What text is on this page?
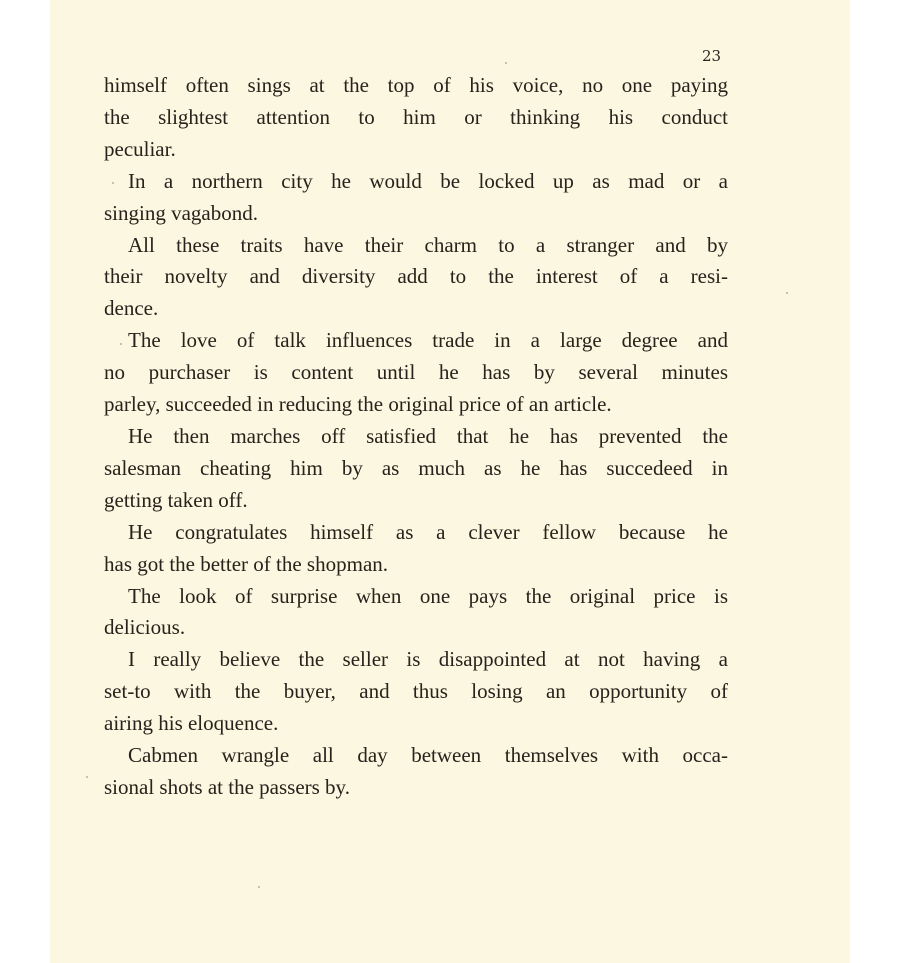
23
himself often sings at the top of his voice, no one paying
the slightest attention to him or thinking his conduct
peculiar.
In a northern city he would be locked up as mad or a
singing vagabond.
All these traits have their charm to a stranger and by
their novelty and diversity add to the interest of a resi-
dence.
The love of talk influences trade in a large degree and
no purchaser is content until he has by several minutes
parley, succeeded in reducing the original price of an article.
He then marches off satisfied that he has prevented the
salesman cheating him by as much as he has succedeed in
getting taken off.
He congratulates himself as a clever fellow because he
has got the better of the shopman.
The look of surprise when one pays the original price is
delicious.
I really believe the seller is disappointed at not having a
set-to with the buyer, and thus losing an opportunity of
airing his eloquence.
Cabmen wrangle all day between themselves with occa-
sional shots at the passers by.
